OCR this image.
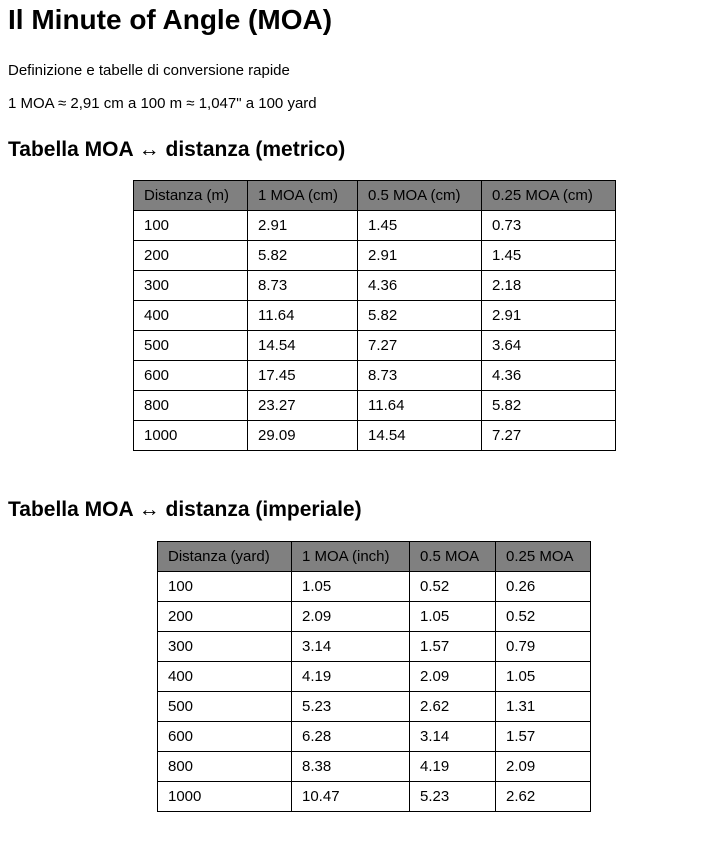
Il Minute of Angle (MOA)

Definizione e tabelle di conversione rapide

1 MOA ≈ 2,91 cm a 100 m ≈ 1,047" a 100 yard

Tabella MOA ↔ distanza (metrico)
Distanza (m)	1 MOA (cm)	0.5 MOA (cm)	0.25 MOA (cm)
100	2.91	1.45	0.73
200	5.82	2.91	1.45
300	8.73	4.36	2.18
400	11.64	5.82	2.91
500	14.54	7.27	3.64
600	17.45	8.73	4.36
800	23.27	11.64	5.82
1000	29.09	14.54	7.27
Tabella MOA ↔ distanza (imperiale)
Distanza (yard)	1 MOA (inch)	0.5 MOA	0.25 MOA
100	1.05	0.52	0.26
200	2.09	1.05	0.52
300	3.14	1.57	0.79
400	4.19	2.09	1.05
500	5.23	2.62	1.31
600	6.28	3.14	1.57
800	8.38	4.19	2.09
1000	10.47	5.23	2.62
